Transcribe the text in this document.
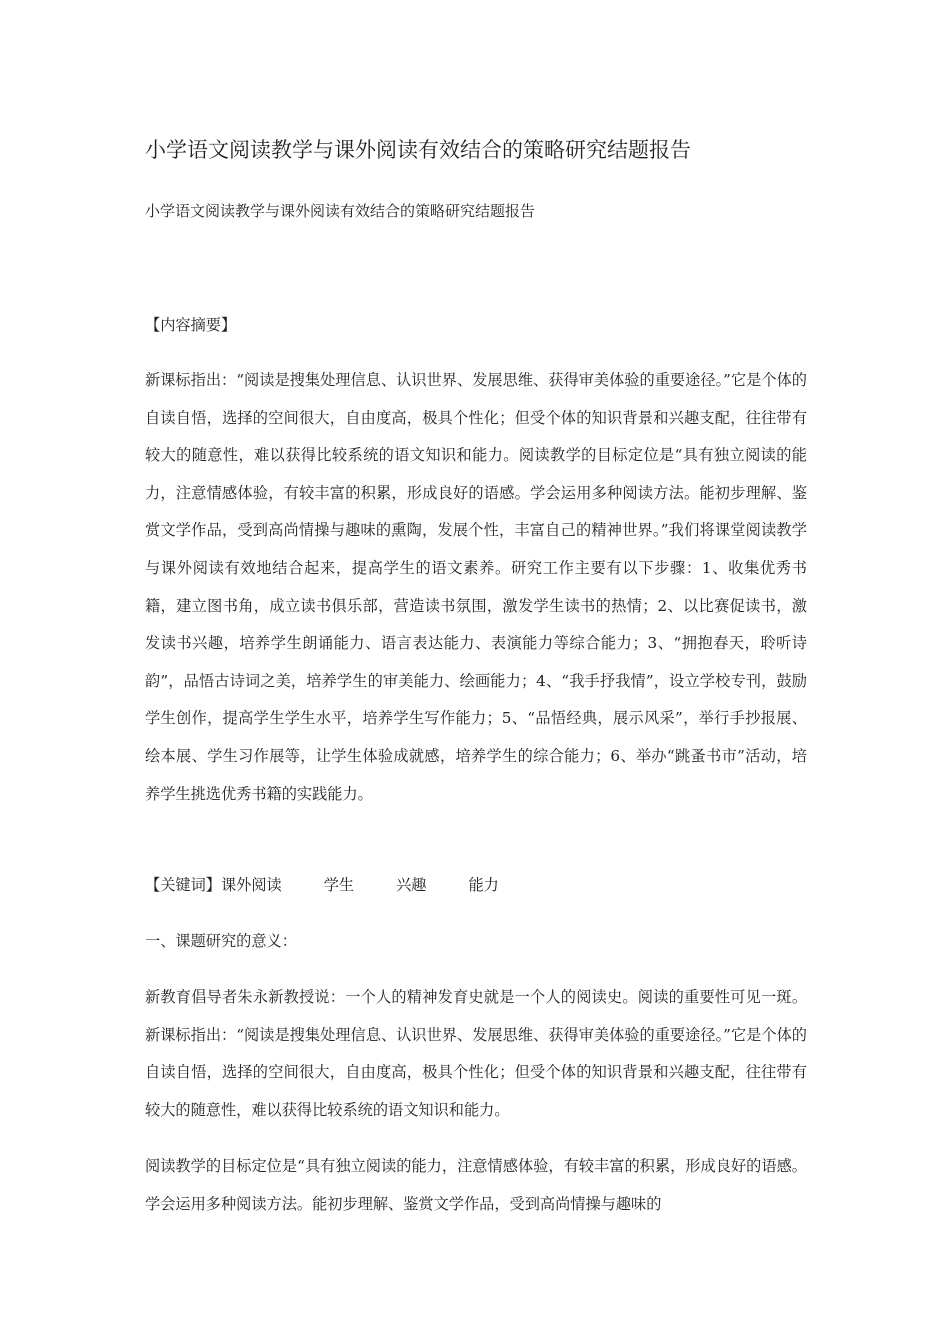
小学语文阅读教学与课外阅读有效结合的策略研究结题报告
小学语文阅读教学与课外阅读有效结合的策略研究结题报告

【内容摘要】

新课标指出：“阅读是搜集处理信息、认识世界、发展思维、获得审美体验的重要途径。”它是个体的自读自悟，选择的空间很大，自由度高，极具个性化；但受个体的知识背景和兴趣支配，往往带有较大的随意性，难以获得比较系统的语文知识和能力。阅读教学的目标定位是“具有独立阅读的能力，注意情感体验，有较丰富的积累，形成良好的语感。学会运用多种阅读方法。能初步理解、鉴赏文学作品，受到高尚情操与趣味的熏陶，发展个性，丰富自己的精神世界。”我们将课堂阅读教学与课外阅读有效地结合起来，提高学生的语文素养。研究工作主要有以下步骤：1、收集优秀书籍，建立图书角，成立读书俱乐部，营造读书氛围，激发学生读书的热情；2、以比赛促读书，激发读书兴趣，培养学生朗诵能力、语言表达能力、表演能力等综合能力；3、“拥抱春天，聆听诗韵”，品悟古诗词之美，培养学生的审美能力、绘画能力；4、“我手抒我情”，设立学校专刊，鼓励学生创作，提高学生学生水平，培养学生写作能力；5、“品悟经典，展示风采”，举行手抄报展、绘本展、学生习作展等，让学生体验成就感，培养学生的综合能力；6、举办“跳蚤书市”活动，培养学生挑选优秀书籍的实践能力。

【关键词】课外阅读	学生	兴趣	能力

一、课题研究的意义：

新教育倡导者朱永新教授说：一个人的精神发育史就是一个人的阅读史。阅读的重要性可见一斑。新课标指出：“阅读是搜集处理信息、认识世界、发展思维、获得审美体验的重要途径。”它是个体的自读自悟，选择的空间很大，自由度高，极具个性化；但受个体的知识背景和兴趣支配，往往带有较大的随意性，难以获得比较系统的语文知识和能力。

阅读教学的目标定位是“具有独立阅读的能力，注意情感体验，有较丰富的积累，形成良好的语感。学会运用多种阅读方法。能初步理解、鉴赏文学作品，受到高尚情操与趣味的
